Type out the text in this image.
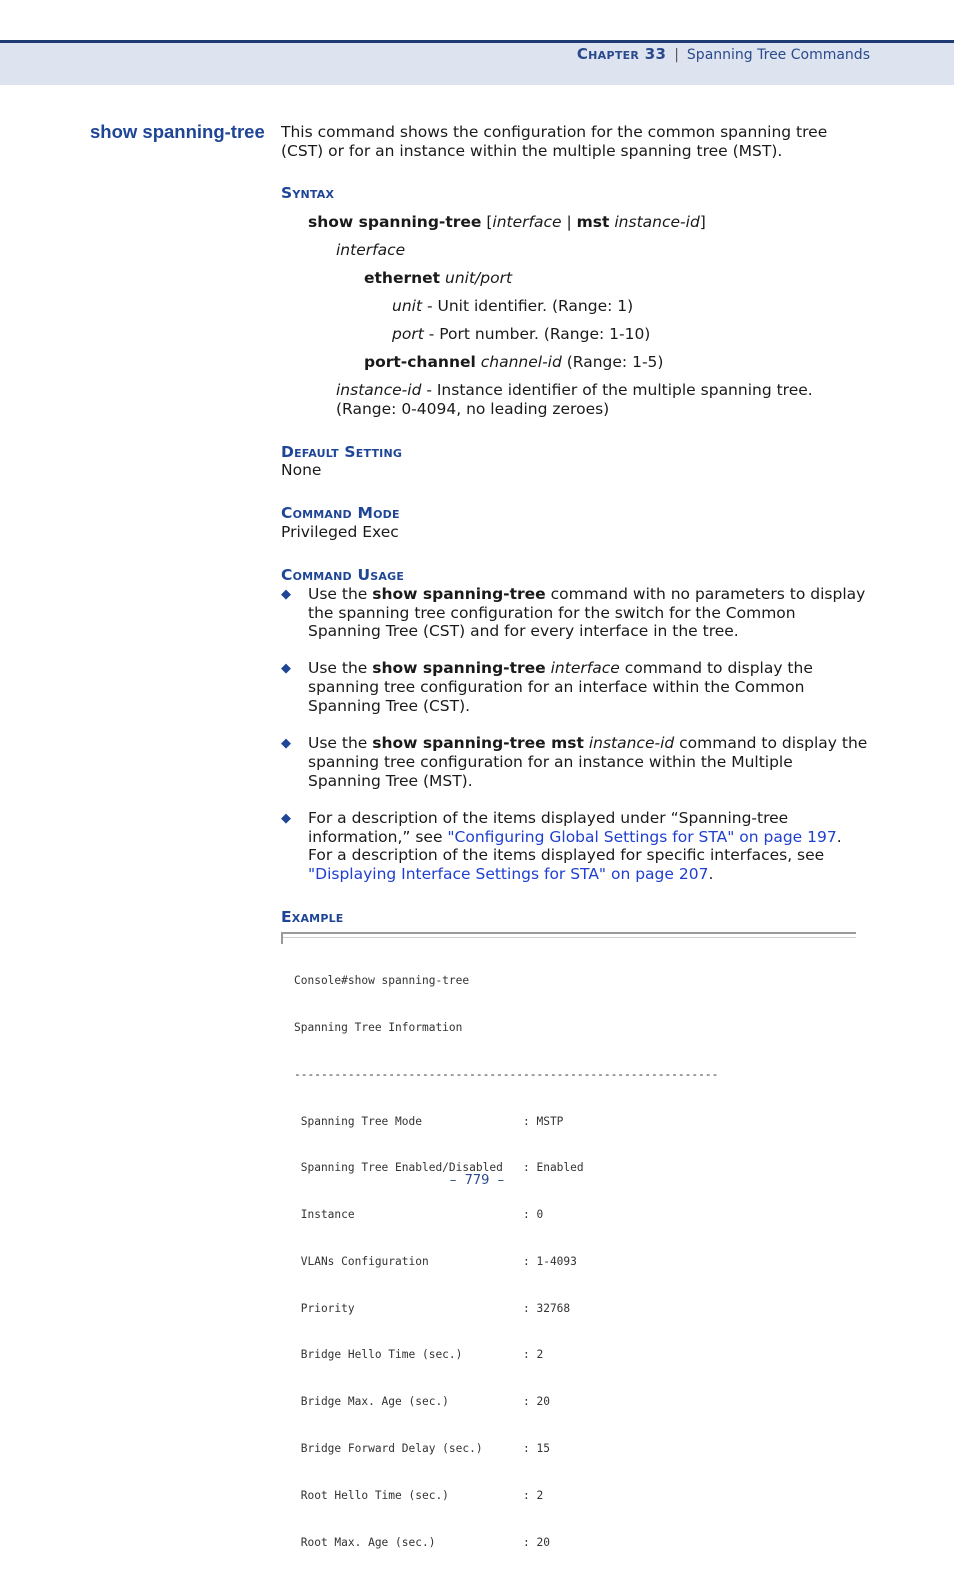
Chapter 33 | Spanning Tree Commands
show spanning-tree This command shows the configuration for the common spanning tree
(CST) or for an instance within the multiple spanning tree (MST).
Syntax
show spanning-tree [interface | mst instance-id]
interface
ethernet unit/port
unit - Unit identifier. (Range: 1)
port - Port number. (Range: 1-10)
port-channel channel-id (Range: 1-5)
instance-id - Instance identifier of the multiple spanning tree.
(Range: 0-4094, no leading zeroes)
Default Setting
None
Command Mode
Privileged Exec
Command Usage
◆ Use the show spanning-tree command with no parameters to display
the spanning tree configuration for the switch for the Common
Spanning Tree (CST) and for every interface in the tree.
◆ Use the show spanning-tree interface command to display the
spanning tree configuration for an interface within the Common
Spanning Tree (CST).
◆ Use the show spanning-tree mst instance-id command to display the
spanning tree configuration for an instance within the Multiple
Spanning Tree (MST).
◆ For a description of the items displayed under “Spanning-tree
information,” see "Configuring Global Settings for STA" on page 197.
For a description of the items displayed for specific interfaces, see
"Displaying Interface Settings for STA" on page 207.
Example

Console#show spanning-tree

Spanning Tree Information

---------------------------------------------------------------

Spanning Tree Mode               : MSTP

Spanning Tree Enabled/Disabled   : Enabled

Instance                         : 0

VLANs Configuration              : 1-4093

Priority                         : 32768

Bridge Hello Time (sec.)         : 2

Bridge Max. Age (sec.)           : 20

Bridge Forward Delay (sec.)      : 15

Root Hello Time (sec.)           : 2

Root Max. Age (sec.)             : 20

–  779  –
